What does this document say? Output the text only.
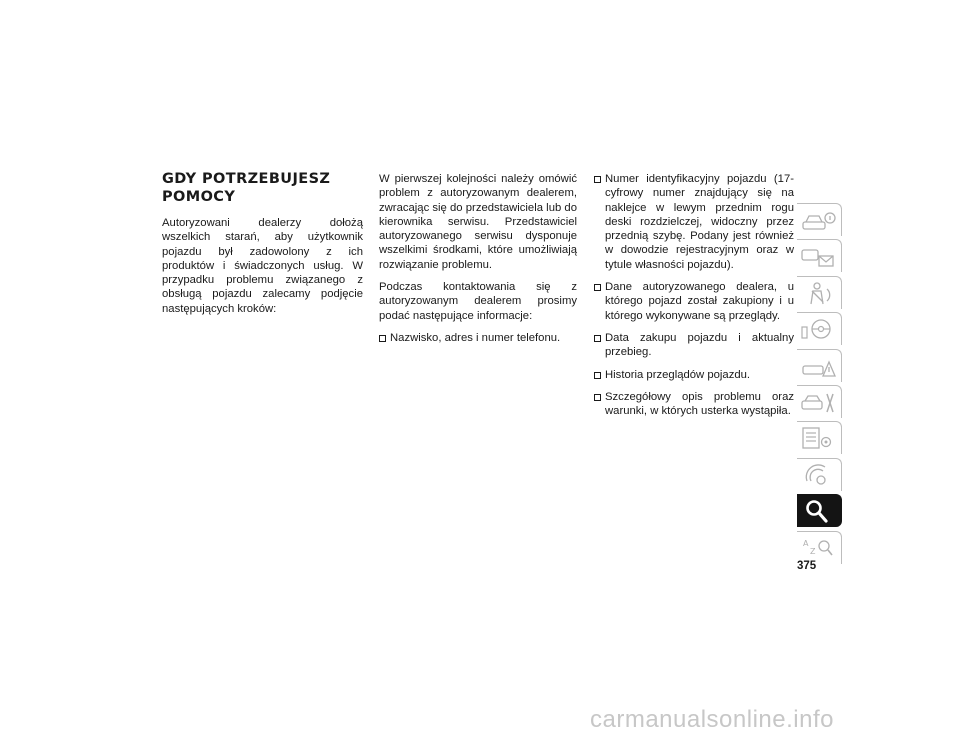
GDY POTRZEBUJESZ
POMOCY

Autoryzowani dealerzy dołożą wszelkich starań, aby użytkownik pojazdu był zadowolony z ich produktów i świadczonych usług. W przypadku problemu związanego z obsługą pojazdu zalecamy podjęcie następujących kroków:

W pierwszej kolejności należy omówić problem z autoryzowanym dealerem, zwracając się do przedstawiciela lub do kierownika serwisu. Przedstawiciel autoryzowanego serwisu dysponuje wszelkimi środkami, które umożliwiają rozwiązanie problemu.

Podczas kontaktowania się z autoryzowanym dealerem prosimy podać następujące informacje:

Nazwisko, adres i numer telefonu.
Numer identyfikacyjny pojazdu (17-cyfrowy numer znajdujący się na naklejce w lewym przednim rogu deski rozdzielczej, widoczny przez przednią szybę. Podany jest również w dowodzie rejestracyjnym oraz w tytule własności pojazdu).
Dane autoryzowanego dealera, u którego pojazd został zakupiony i u którego wykonywane są przeglądy.
Data zakupu pojazdu i aktualny przebieg.
Historia przeglądów pojazdu.
Szczegółowy opis problemu oraz warunki, w których usterka wystąpiła.
A
Z
375
carmanualsonline.info
